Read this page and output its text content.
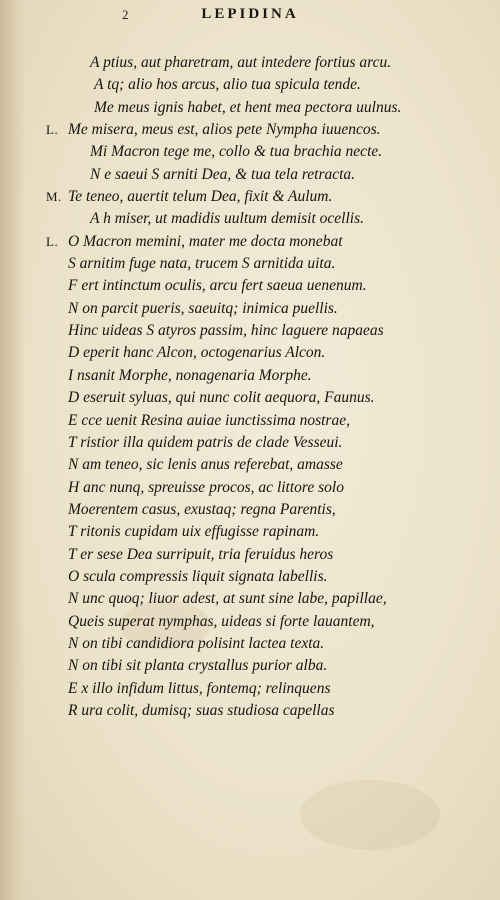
2	LEPIDINA
A ptius, aut pharetram, aut intedere fortius arcu.
A tq; alio hos arcus, alio tua spicula tende.
Me meus ignis habet, et hent mea pectora uulnus.
L. Me misera, meus est, alios pete Nympha iuuencos.
Mi Macron tege me, collo & tua brachia necte.
N e saeui S arniti Dea, & tua tela retracta.
M. Te teneo, auertit telum Dea, fixit & Aulum.
A h miser, ut madidis uultum demisit ocellis.
L. O Macron memini, mater me docta monebat
S arnitim fuge nata, trucem S arnitida uita.
F ert intinctum oculis, arcu fert saeua uenenum.
N on parcit pueris, saeuitq; inimica puellis.
Hinc uideas S atyros passim, hinc laguere napaeas
D eperit hanc Alcon, octogenarius Alcon.
I nsanit Morphe, nonagenaria Morphe.
D eseruit syluas, qui nunc colit aequora, Faunus.
E cce uenit Resina auiae iunctissima nostrae,
T ristior illa quidem patris de clade Vesseui.
N am teneo, sic lenis anus referebat, amasse
H anc nunq, spreuisse procos, ac littore solo
Moerentem casus, exustaq; regna Parentis,
T ritonis cupidam uix effugisse rapinam.
T er sese Dea surripuit, tria feruidus heros
O scula compressis liquit signata labellis.
N unc quoq; liuor adest, at sunt sine labe, papillae,
Queis superat nymphas, uideas si forte lauantem,
N on tibi candidiora polisint lactea texta.
N on tibi sit planta crystallus purior alba.
E x illo infidum littus, fontemq; relinquens
R ura colit, dumisq; suas studiosa capellas
